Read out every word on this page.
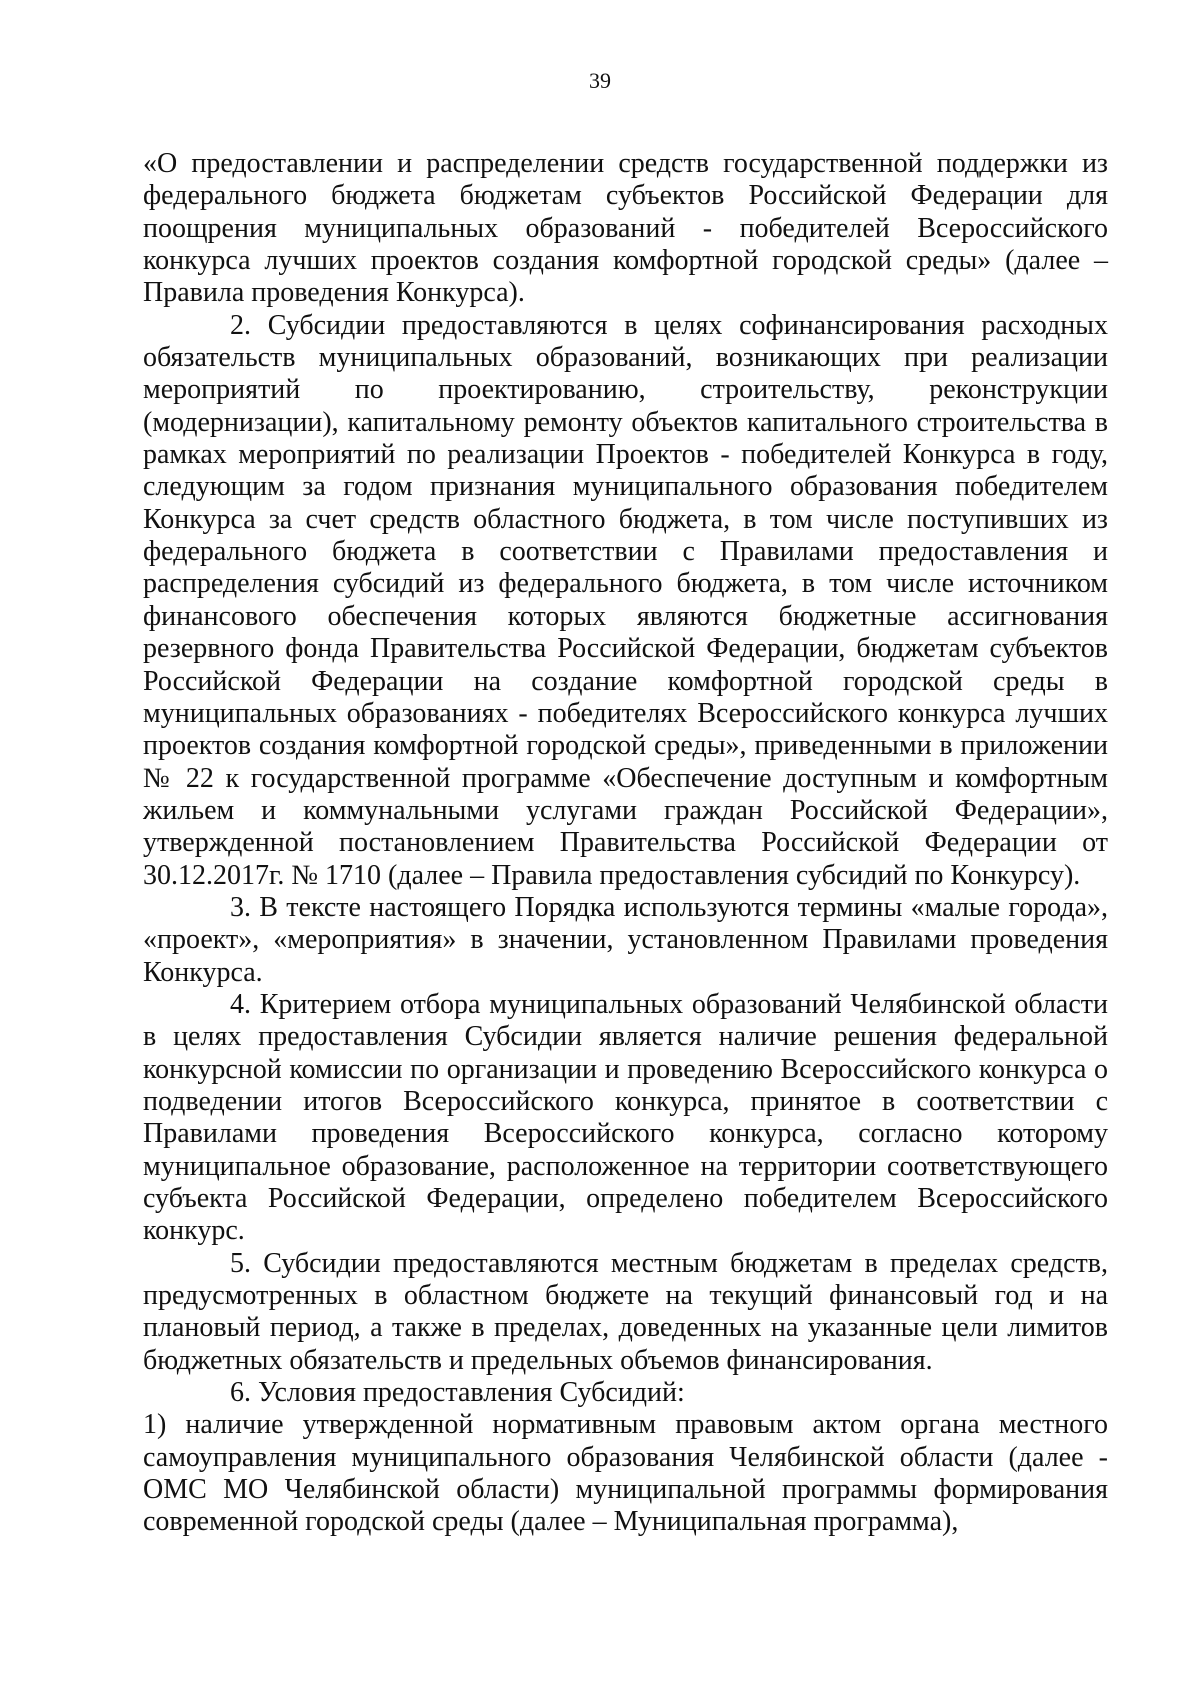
39

«О предоставлении и распределении средств государственной поддержки из федерального бюджета бюджетам субъектов Российской Федерации для поощрения муниципальных образований - победителей Всероссийского конкурса лучших проектов создания комфортной городской среды» (далее – Правила проведения Конкурса).

2. Субсидии предоставляются в целях софинансирования расходных обязательств муниципальных образований, возникающих при реализации мероприятий по проектированию, строительству, реконструкции (модернизации), капитальному ремонту объектов капитального строительства в рамках мероприятий по реализации Проектов - победителей Конкурса в году, следующим за годом признания муниципального образования победителем Конкурса за счет средств областного бюджета, в том числе поступивших из федерального бюджета в соответствии с Правилами предоставления и распределения субсидий из федерального бюджета, в том числе источником финансового обеспечения которых являются бюджетные ассигнования резервного фонда Правительства Российской Федерации, бюджетам субъектов Российской Федерации на создание комфортной городской среды в муниципальных образованиях - победителях Всероссийского конкурса лучших проектов создания комфортной городской среды», приведенными в приложении № 22 к государственной программе «Обеспечение доступным и комфортным жильем и коммунальными услугами граждан Российской Федерации», утвержденной постановлением Правительства Российской Федерации от 30.12.2017г. № 1710 (далее – Правила предоставления субсидий по Конкурсу).

3. В тексте настоящего Порядка используются термины «малые города», «проект», «мероприятия» в значении, установленном Правилами проведения Конкурса.

4. Критерием отбора муниципальных образований Челябинской области в целях предоставления Субсидии является наличие решения федеральной конкурсной комиссии по организации и проведению Всероссийского конкурса о подведении итогов Всероссийского конкурса, принятое в соответствии с Правилами проведения Всероссийского конкурса, согласно которому муниципальное образование, расположенное на территории соответствующего субъекта Российской Федерации, определено победителем Всероссийского конкурс.

5. Субсидии предоставляются местным бюджетам в пределах средств, предусмотренных в областном бюджете на текущий финансовый год и на плановый период, а также в пределах, доведенных на указанные цели лимитов бюджетных обязательств и предельных объемов финансирования.

6. Условия предоставления Субсидий:

1) наличие утвержденной нормативным правовым актом органа местного самоуправления муниципального образования Челябинской области (далее - ОМС МО Челябинской области) муниципальной программы формирования современной городской среды (далее – Муниципальная программа),
